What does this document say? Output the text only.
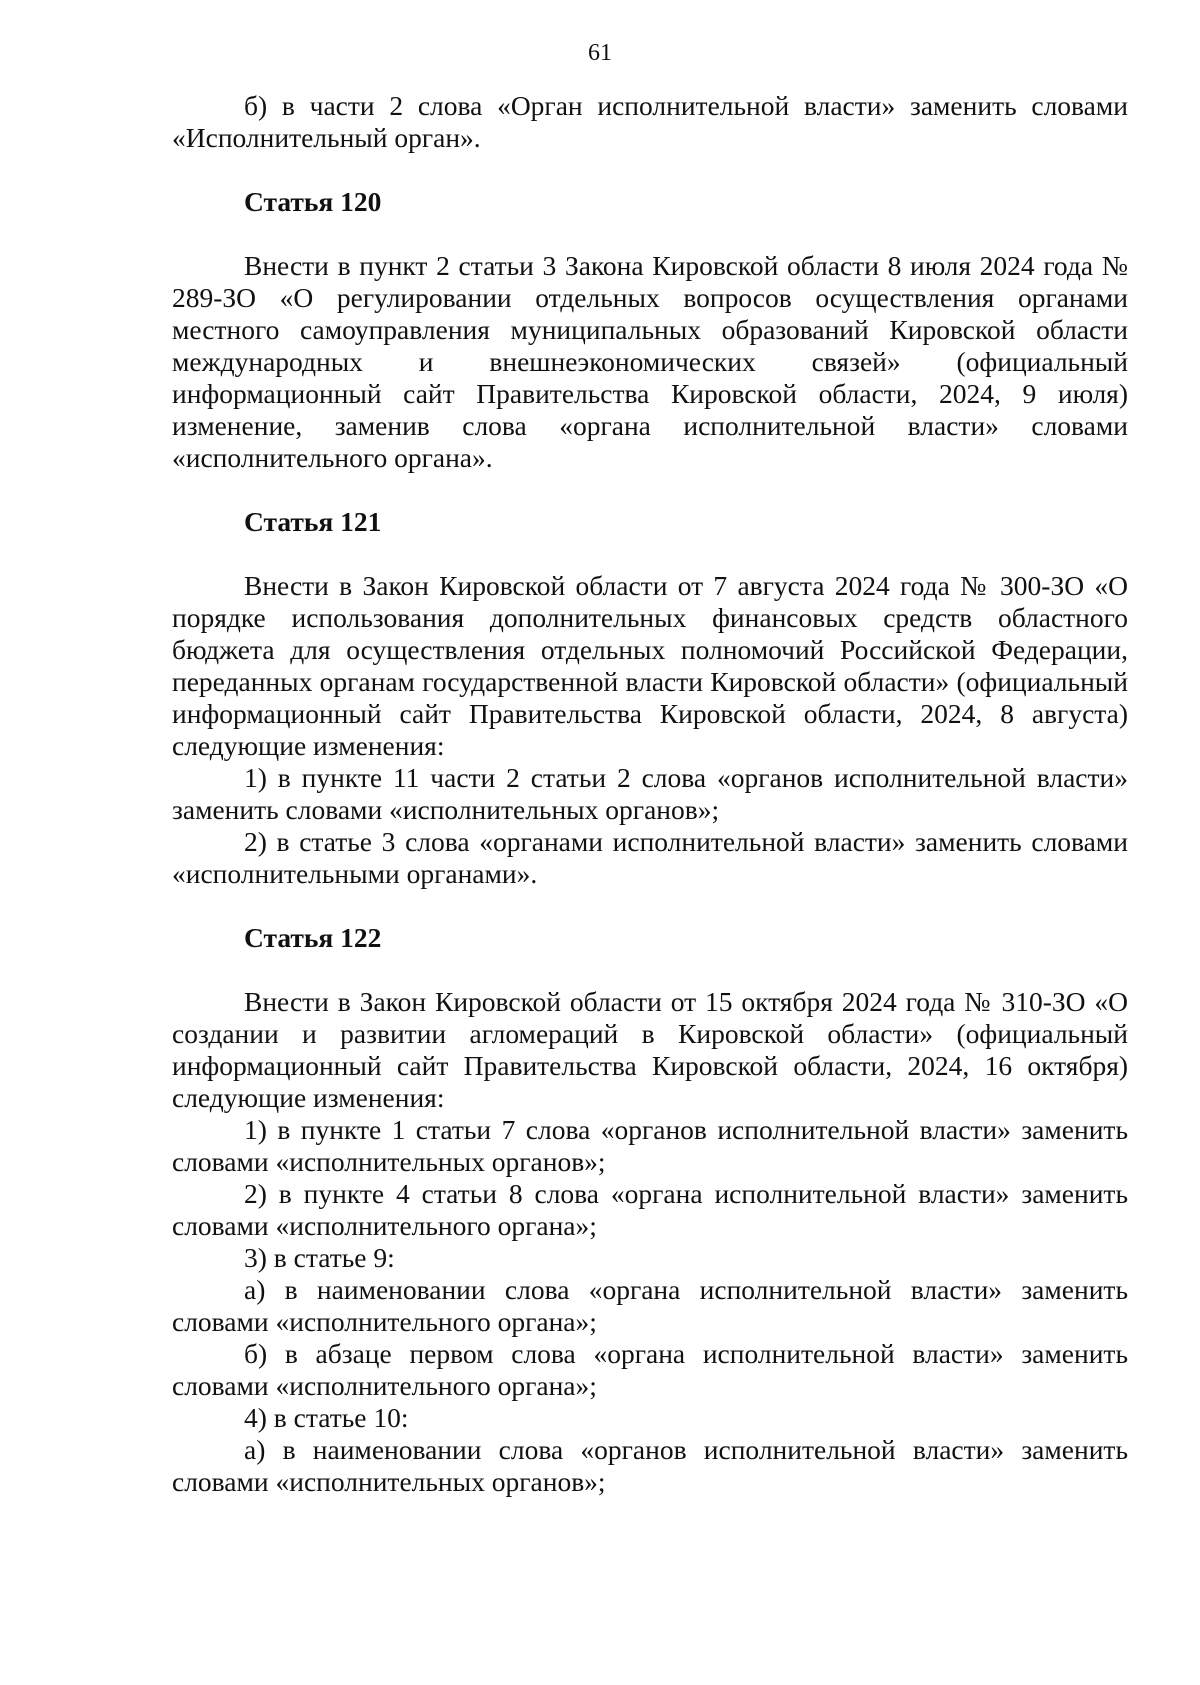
61

б) в части 2 слова «Орган исполнительной власти» заменить словами «Исполнительный орган».

Статья 120

Внести в пункт 2 статьи 3 Закона Кировской области 8 июля 2024 года № 289-ЗО «О регулировании отдельных вопросов осуществления органами местного самоуправления муниципальных образований Кировской области международных и внешнеэкономических связей» (официальный информационный сайт Правительства Кировской области, 2024, 9 июля) изменение, заменив слова «органа исполнительной власти» словами «исполнительного органа».

Статья 121

Внести в Закон Кировской области от 7 августа 2024 года № 300-ЗО «О порядке использования дополнительных финансовых средств областного бюджета для осуществления отдельных полномочий Российской Федерации, переданных органам государственной власти Кировской области» (официальный информационный сайт Правительства Кировской области, 2024, 8 августа) следующие изменения:

1) в пункте 11 части 2 статьи 2 слова «органов исполнительной власти» заменить словами «исполнительных органов»;

2) в статье 3 слова «органами исполнительной власти» заменить словами «исполнительными органами».

Статья 122

Внести в Закон Кировской области от 15 октября 2024 года № 310-ЗО «О создании и развитии агломераций в Кировской области» (официальный информационный сайт Правительства Кировской области, 2024, 16 октября) следующие изменения:

1) в пункте 1 статьи 7 слова «органов исполнительной власти» заменить словами «исполнительных органов»;

2) в пункте 4 статьи 8 слова «органа исполнительной власти» заменить словами «исполнительного органа»;

3) в статье 9:

а) в наименовании слова «органа исполнительной власти» заменить словами «исполнительного органа»;

б) в абзаце первом слова «органа исполнительной власти» заменить словами «исполнительного органа»;

4) в статье 10:

а) в наименовании слова «органов исполнительной власти» заменить словами «исполнительных органов»;
